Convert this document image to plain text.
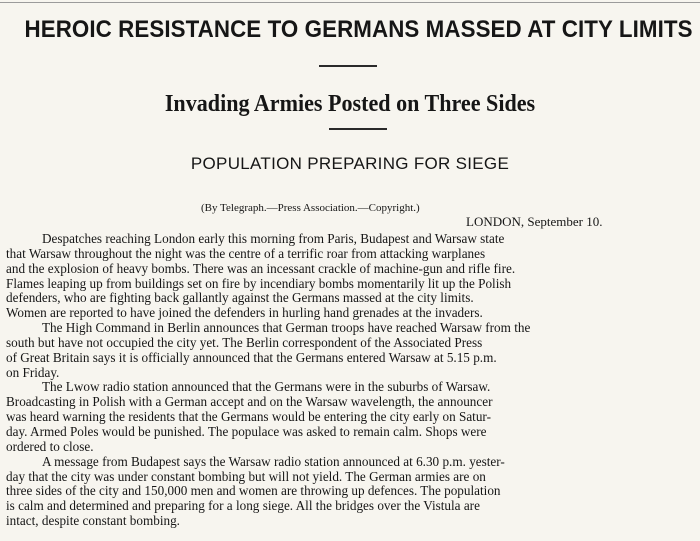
HEROIC RESISTANCE TO GERMANS MASSED AT CITY LIMITS
Invading Armies Posted on Three Sides
POPULATION PREPARING FOR SIEGE

(By Telegraph.—Press Association.—Copyright.)

LONDON, September 10.

Despatches reaching London early this morning from Paris, Budapest and Warsaw state
that Warsaw throughout the night was the centre of a terrific roar from attacking warplanes
and the explosion of heavy bombs. There was an incessant crackle of machine-gun and rifle fire.
Flames leaping up from buildings set on fire by incendiary bombs momentarily lit up the Polish
defenders, who are fighting back gallantly against the Germans massed at the city limits.
Women are reported to have joined the defenders in hurling hand grenades at the invaders.
The High Command in Berlin announces that German troops have reached Warsaw from the
south but have not occupied the city yet. The Berlin correspondent of the Associated Press
of Great Britain says it is officially announced that the Germans entered Warsaw at 5.15 p.m.
on Friday.
The Lwow radio station announced that the Germans were in the suburbs of Warsaw.
Broadcasting in Polish with a German accept and on the Warsaw wavelength, the announcer
was heard warning the residents that the Germans would be entering the city early on Satur-
day. Armed Poles would be punished. The populace was asked to remain calm. Shops were
ordered to close.
A message from Budapest says the Warsaw radio station announced at 6.30 p.m. yester-
day that the city was under constant bombing but will not yield. The German armies are on
three sides of the city and 150,000 men and women are throwing up defences. The population
is calm and determined and preparing for a long siege. All the bridges over the Vistula are
intact, despite constant bombing.
